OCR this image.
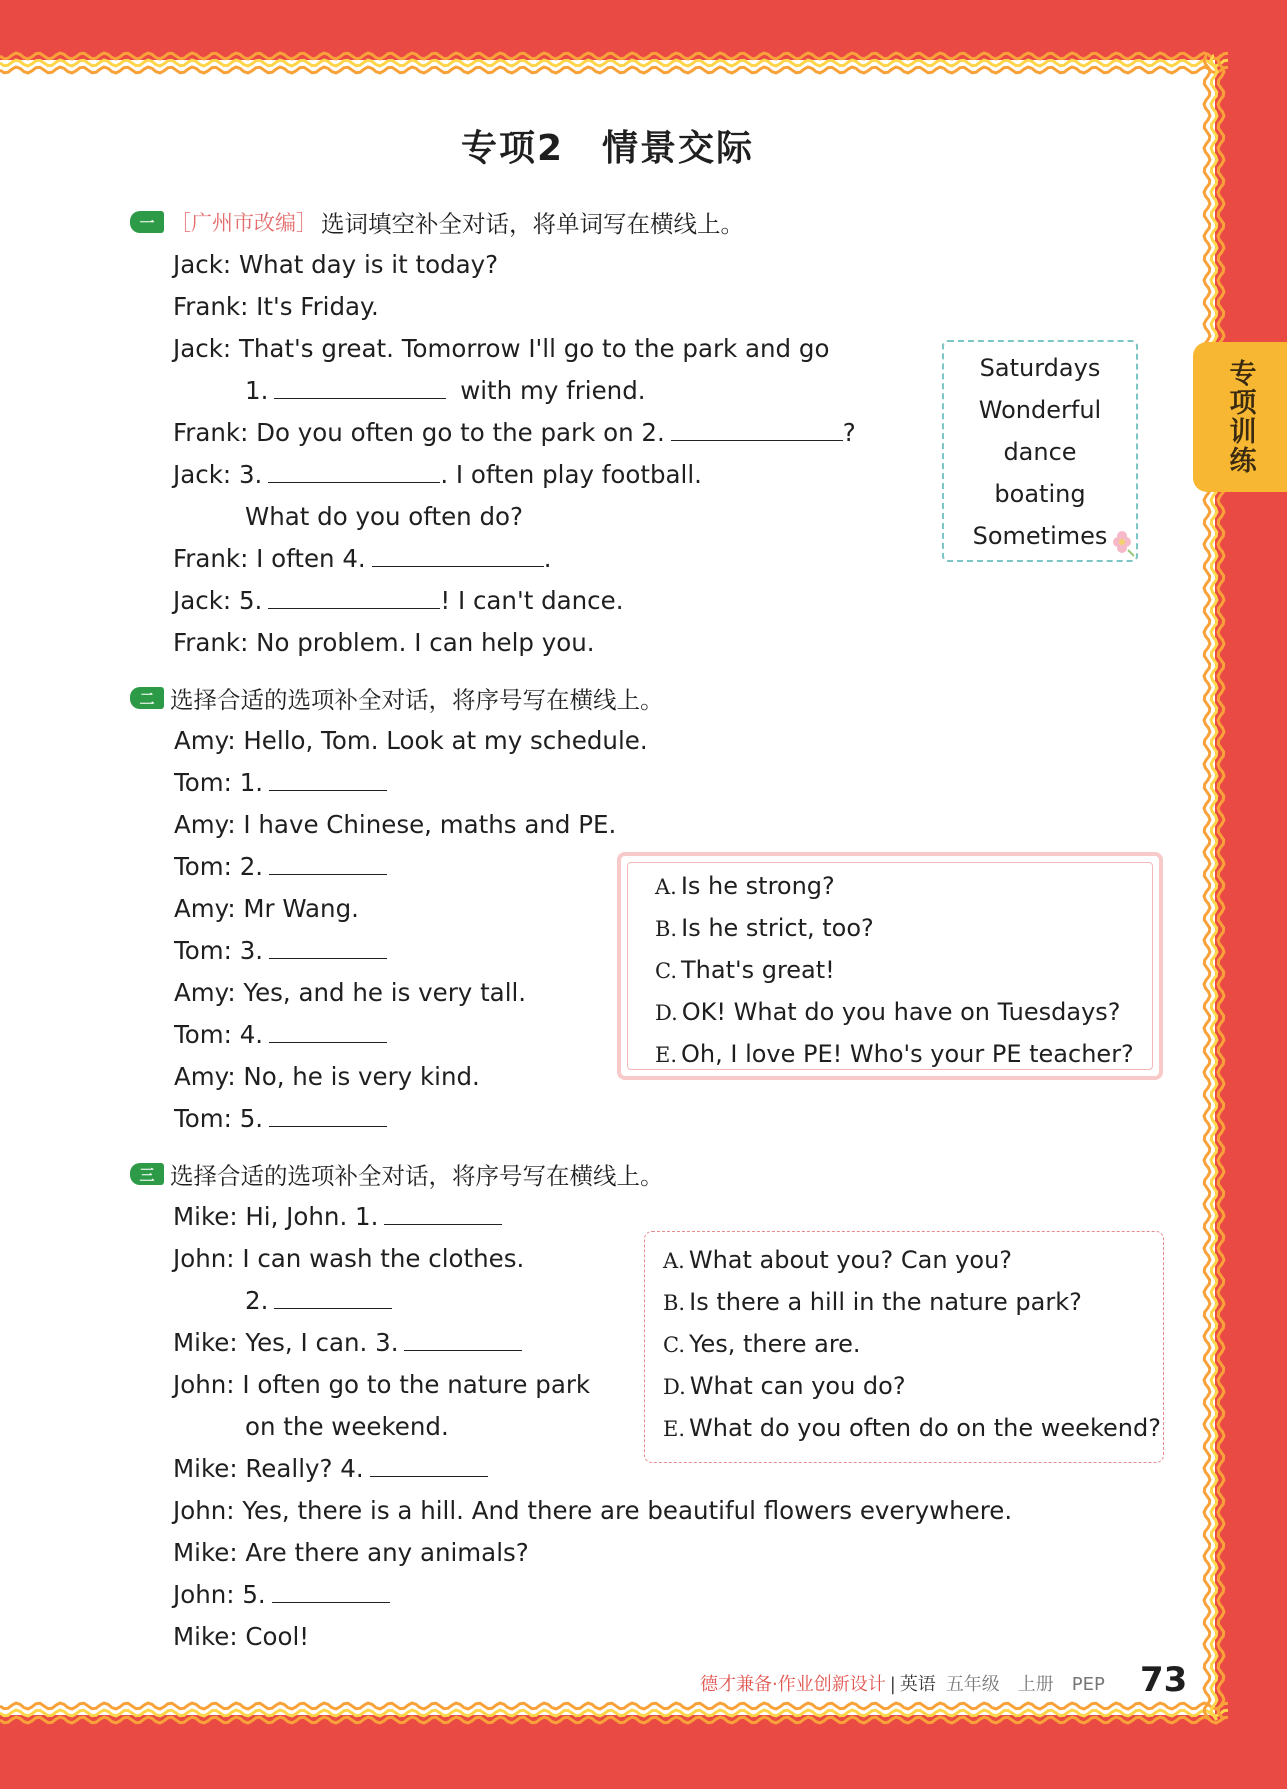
专项训练
专项2　情景交际
一 ［广州市改编］ 选词填空补全对话，将单词写在横线上。
Jack: What day is it today?
Frank: It's Friday.
Jack: That's great. Tomorrow I'll go to the park and go
1.	with my friend.
Frank: Do you often go to the park on 2.	?
Jack: 3.	. I often play football.
What do you often do?
Frank: I often 4.	.
Jack: 5.	! I can't dance.
Frank: No problem. I can help you.
Saturdays
Wonderful
dance
boating
Sometimes
二 选择合适的选项补全对话，将序号写在横线上。
Amy: Hello, Tom. Look at my schedule.
Tom: 1.
Amy: I have Chinese, maths and PE.
Tom: 2.
Amy: Mr Wang.
Tom: 3.
Amy: Yes, and he is very tall.
Tom: 4.
Amy: No, he is very kind.
Tom: 5.
A. Is he strong?
B. Is he strict, too?
C. That's great!
D. OK! What do you have on Tuesdays?
E. Oh, I love PE! Who's your PE teacher?
三 选择合适的选项补全对话，将序号写在横线上。
Mike: Hi, John. 1.
John: I can wash the clothes.
2.
Mike: Yes, I can. 3.
John: I often go to the nature park
on the weekend.
Mike: Really? 4.
John: Yes, there is a hill. And there are beautiful flowers everywhere.
Mike: Are there any animals?
John: 5.
Mike: Cool!
A. What about you? Can you?
B. Is there a hill in the nature park?
C. Yes, there are.
D. What can you do?
E. What do you often do on the weekend?
德才兼备·作业创新设计 | 英语 五年级　上册　PEP 73
